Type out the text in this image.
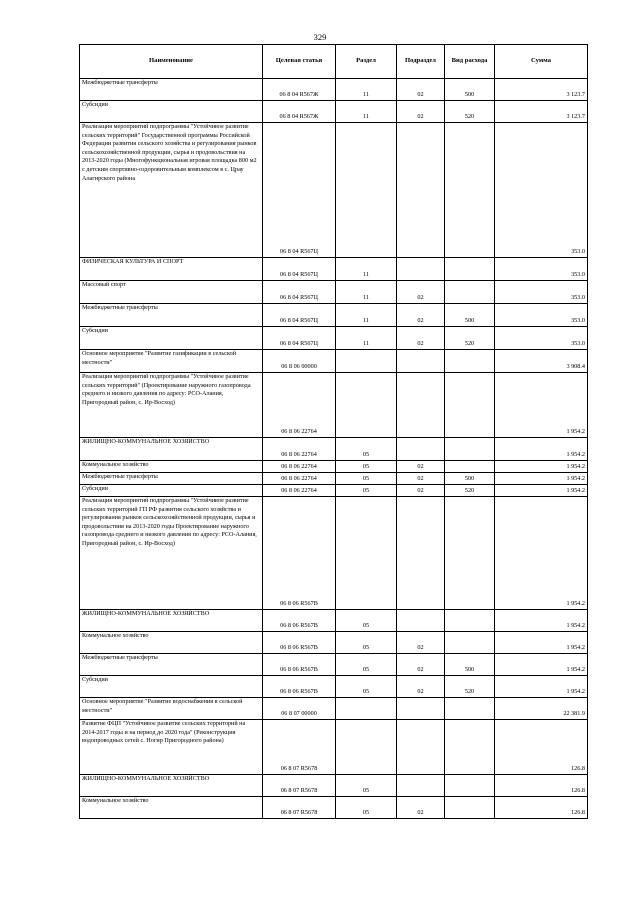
329
Наименование	Целевая статья	Раздел	Подраздел	Вид расхода	Сумма
Межбюджетные трансферты	06 8 04 R567Ж	11	02	500	3 123.7
Субсидии	06 8 04 R567Ж	11	02	520	3 123.7
Реализация мероприятий подпрограммы "Устойчивое развитие сельских территорий" Государственной программы Российской Федерации развития сельского хозяйства и регулирования рынков сельскохозяйственной продукции, сырья и продовольствия на 2013-2020 годы (Многофункциональная игровая площадка 800 м2 с детским спортивно-оздоровительным комплексом в с. Црау Алагирского района	06 8 04 R567Ц				353.0
ФИЗИЧЕСКАЯ КУЛЬТУРА И СПОРТ	06 8 04 R567Ц	11			353.0
Массовый спорт	06 8 04 R567Ц	11	02		353.0
Межбюджетные трансферты	06 8 04 R567Ц	11	02	500	353.0
Субсидии	06 8 04 R567Ц	11	02	520	353.0
Основное мероприятие "Развитие газификации в сельской местности"	06 8 06 00000				3 908.4
Реализация мероприятий подпрограммы "Устойчивое развитие сельских территорий" (Проектирование наружного газопровода среднего и низкого давления по адресу: РСО-Алания, Пригородный район, с. Ир-Восход)	06 8 06 22764				1 954.2
ЖИЛИЩНО-КОММУНАЛЬНОЕ ХОЗЯЙСТВО	06 8 06 22764	05			1 954.2
Коммунальное хозяйство	06 8 06 22764	05	02		1 954.2
Межбюджетные трансферты	06 8 06 22764	05	02	500	1 954.2
Субсидии	06 8 06 22764	05	02	520	1 954.2
Реализация мероприятий подпрограммы "Устойчивое развитие сельских территорий ГП РФ развития сельского хозяйства и регулирования рынков сельскохозяйственной продукции, сырья и продовольствия на 2013-2020 годы Проектирование наружного газопровода среднего и низкого давления по адресу: РСО-Алания, Пригородный район, с. Ир-Восход)	06 8 06 R567В				1 954.2
ЖИЛИЩНО-КОММУНАЛЬНОЕ ХОЗЯЙСТВО	06 8 06 R567В	05			1 954.2
Коммунальное хозяйство	06 8 06 R567В	05	02		1 954.2
Межбюджетные трансферты	06 8 06 R567В	05	02	500	1 954.2
Субсидии	06 8 06 R567В	05	02	520	1 954.2
Основное мероприятие "Развитие водоснабжения в сельской местности"	06 8 07 00000				22 381.9
Развитие ФЦП "Устойчивое развитие сельских территорий на 2014-2017 годы и на период до 2020 года" (Реконструкция водопроводных сетей с. Ногир Пригородного района)	06 8 07 R5678				126.8
ЖИЛИЩНО-КОММУНАЛЬНОЕ ХОЗЯЙСТВО	06 8 07 R5678	05			126.8
Коммунальное хозяйство	06 8 07 R5678	05	02		126.8
